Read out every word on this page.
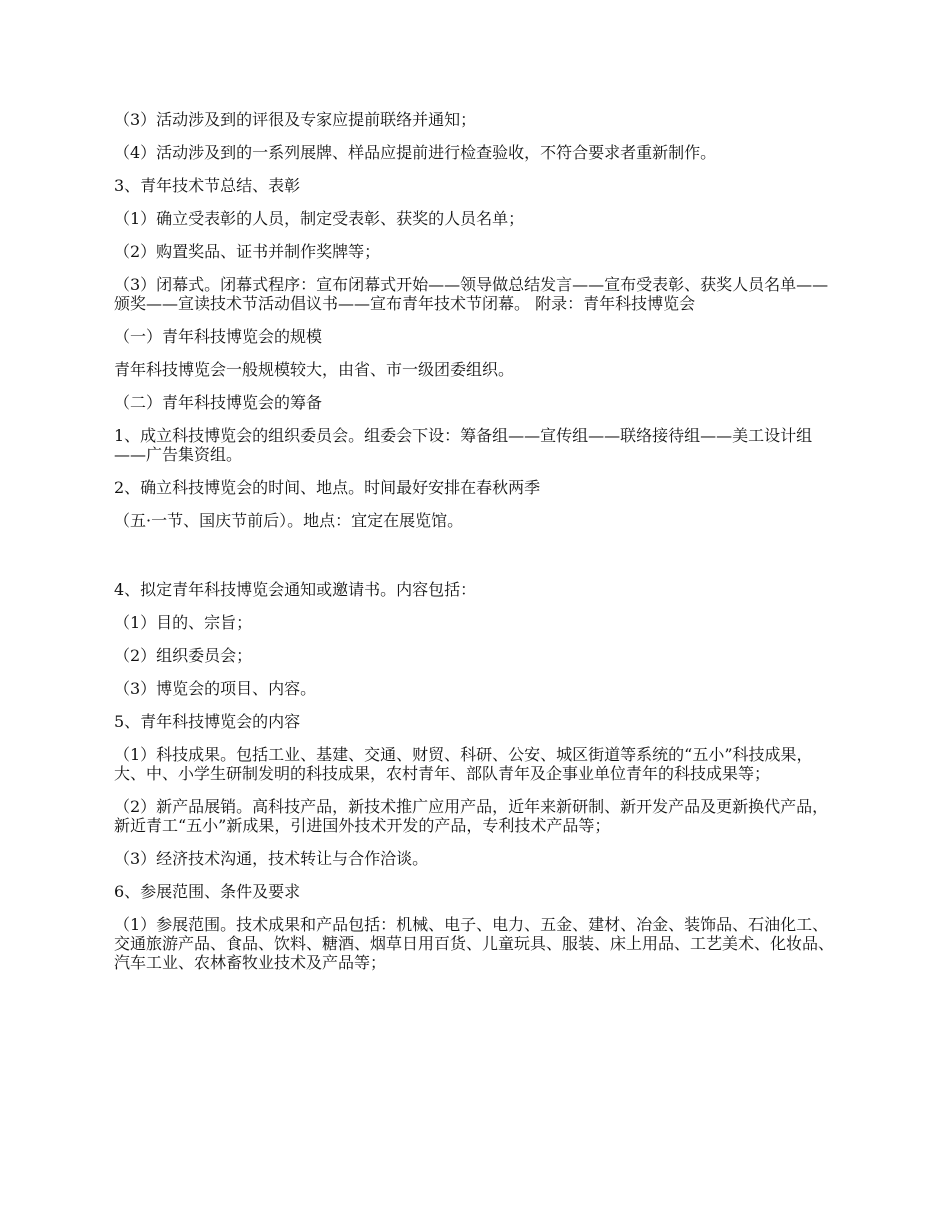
（3）活动涉及到的评很及专家应提前联络并通知；

（4）活动涉及到的一系列展牌、样品应提前进行检查验收，不符合要求者重新制作。

3、青年技术节总结、表彰

（1）确立受表彰的人员，制定受表彰、获奖的人员名单；

（2）购置奖品、证书并制作奖牌等；

（3）闭幕式。闭幕式程序：宣布闭幕式开始——领导做总结发言——宣布受表彰、获奖人员名单——颁奖——宣读技术节活动倡议书——宣布青年技术节闭幕。 附录：青年科技博览会

（一）青年科技博览会的规模

青年科技博览会一般规模较大，由省、市一级团委组织。

（二）青年科技博览会的筹备

1、成立科技博览会的组织委员会。组委会下设：筹备组——宣传组——联络接待组——美工设计组——广告集资组。

2、确立科技博览会的时间、地点。时间最好安排在春秋两季

（五·一节、国庆节前后）。地点：宜定在展览馆。

4、拟定青年科技博览会通知或邀请书。内容包括：

（1）目的、宗旨；

（2）组织委员会；

（3）博览会的项目、内容。

5、青年科技博览会的内容

（1）科技成果。包括工业、基建、交通、财贸、科研、公安、城区街道等系统的“五小”科技成果，大、中、小学生研制发明的科技成果，农村青年、部队青年及企事业单位青年的科技成果等；

（2）新产品展销。高科技产品，新技术推广应用产品，近年来新研制、新开发产品及更新换代产品，新近青工“五小”新成果，引进国外技术开发的产品，专利技术产品等；

（3）经济技术沟通，技术转让与合作洽谈。

6、参展范围、条件及要求

（1）参展范围。技术成果和产品包括：机械、电子、电力、五金、建材、冶金、装饰品、石油化工、交通旅游产品、食品、饮料、糖酒、烟草日用百货、儿童玩具、服装、床上用品、工艺美术、化妆品、汽车工业、农林畜牧业技术及产品等；
